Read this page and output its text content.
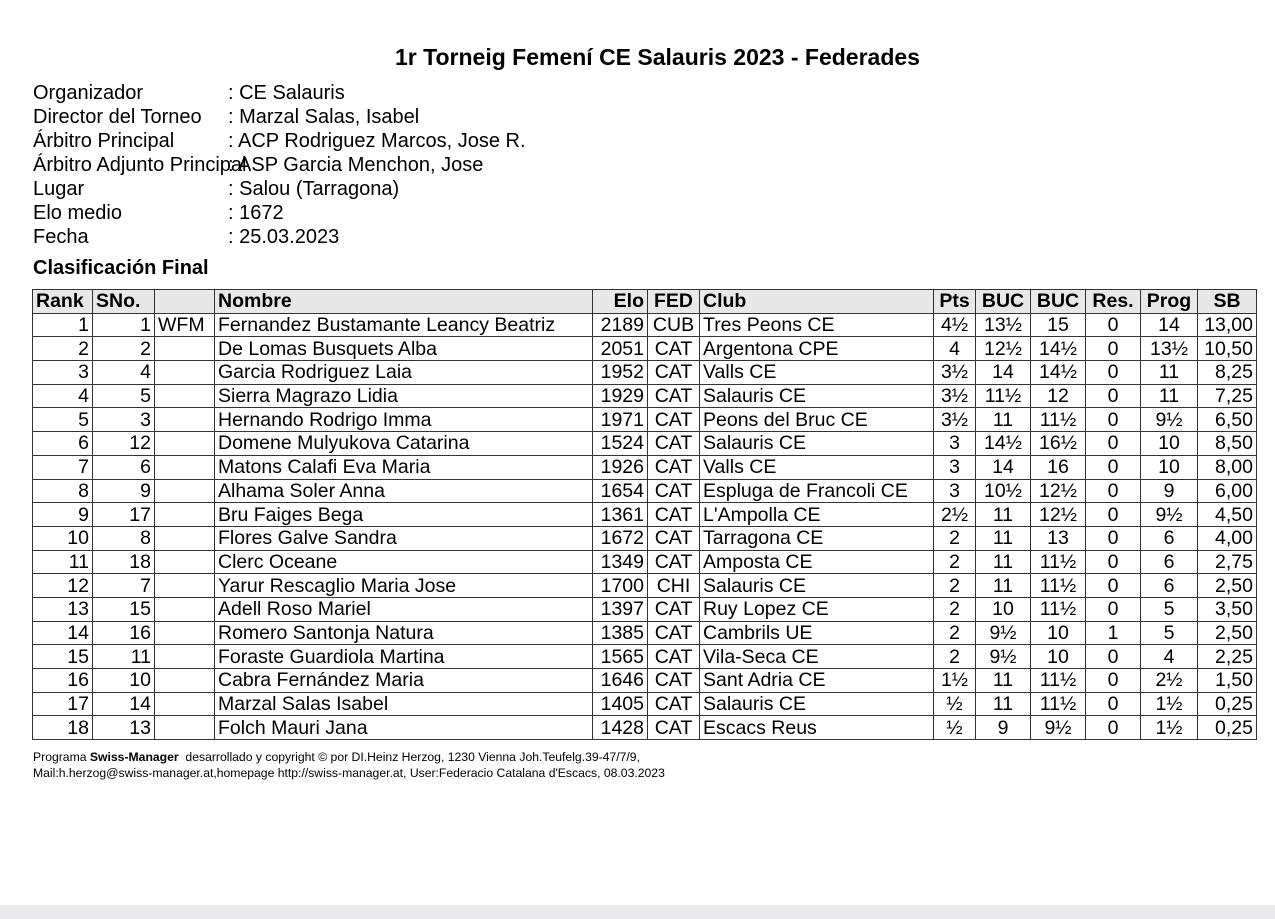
1r Torneig Femení CE Salauris 2023 - Federades
Organizador	: CE Salauris
Director del Torneo : Marzal Salas, Isabel
Árbitro Principal	: ACP Rodriguez Marcos, Jose R.
Árbitro Adjunto Principal
: ASP Garcia Menchon, Jose
Lugar	: Salou (Tarragona)
Elo medio	: 1672
Fecha	: 25.03.2023
Clasificación Final
Rank	SNo.		Nombre	Elo	FED	Club	Pts	BUC	BUC	Res.	Prog	SB
1	1	WFM	Fernandez Bustamante Leancy Beatriz	2189	CUB	Tres Peons CE	4½	13½	15	0	14	13,00
2	2		De Lomas Busquets Alba	2051	CAT	Argentona CPE	4	12½	14½	0	13½	10,50
3	4		Garcia Rodriguez Laia	1952	CAT	Valls CE	3½	14	14½	0	11	8,25
4	5		Sierra Magrazo Lidia	1929	CAT	Salauris CE	3½	11½	12	0	11	7,25
5	3		Hernando Rodrigo Imma	1971	CAT	Peons del Bruc CE	3½	11	11½	0	9½	6,50
6	12		Domene Mulyukova Catarina	1524	CAT	Salauris CE	3	14½	16½	0	10	8,50
7	6		Matons Calafi Eva Maria	1926	CAT	Valls CE	3	14	16	0	10	8,00
8	9		Alhama Soler Anna	1654	CAT	Espluga de Francoli CE	3	10½	12½	0	9	6,00
9	17		Bru Faiges Bega	1361	CAT	L'Ampolla CE	2½	11	12½	0	9½	4,50
10	8		Flores Galve Sandra	1672	CAT	Tarragona CE	2	11	13	0	6	4,00
11	18		Clerc Oceane	1349	CAT	Amposta CE	2	11	11½	0	6	2,75
12	7		Yarur Rescaglio Maria Jose	1700	CHI	Salauris CE	2	11	11½	0	6	2,50
13	15		Adell Roso Mariel	1397	CAT	Ruy Lopez CE	2	10	11½	0	5	3,50
14	16		Romero Santonja Natura	1385	CAT	Cambrils UE	2	9½	10	1	5	2,50
15	11		Foraste Guardiola Martina	1565	CAT	Vila-Seca CE	2	9½	10	0	4	2,25
16	10		Cabra Fernández Maria	1646	CAT	Sant Adria CE	1½	11	11½	0	2½	1,50
17	14		Marzal Salas Isabel	1405	CAT	Salauris CE	½	11	11½	0	1½	0,25
18	13		Folch Mauri Jana	1428	CAT	Escacs Reus	½	9	9½	0	1½	0,25
Programa Swiss-Manager  desarrollado y copyright © por DI.Heinz Herzog, 1230 Vienna Joh.Teufelg.39-47/7/9,
Mail:h.herzog@swiss-manager.at,homepage http://swiss-manager.at, User:Federacio Catalana d'Escacs, 08.03.2023
